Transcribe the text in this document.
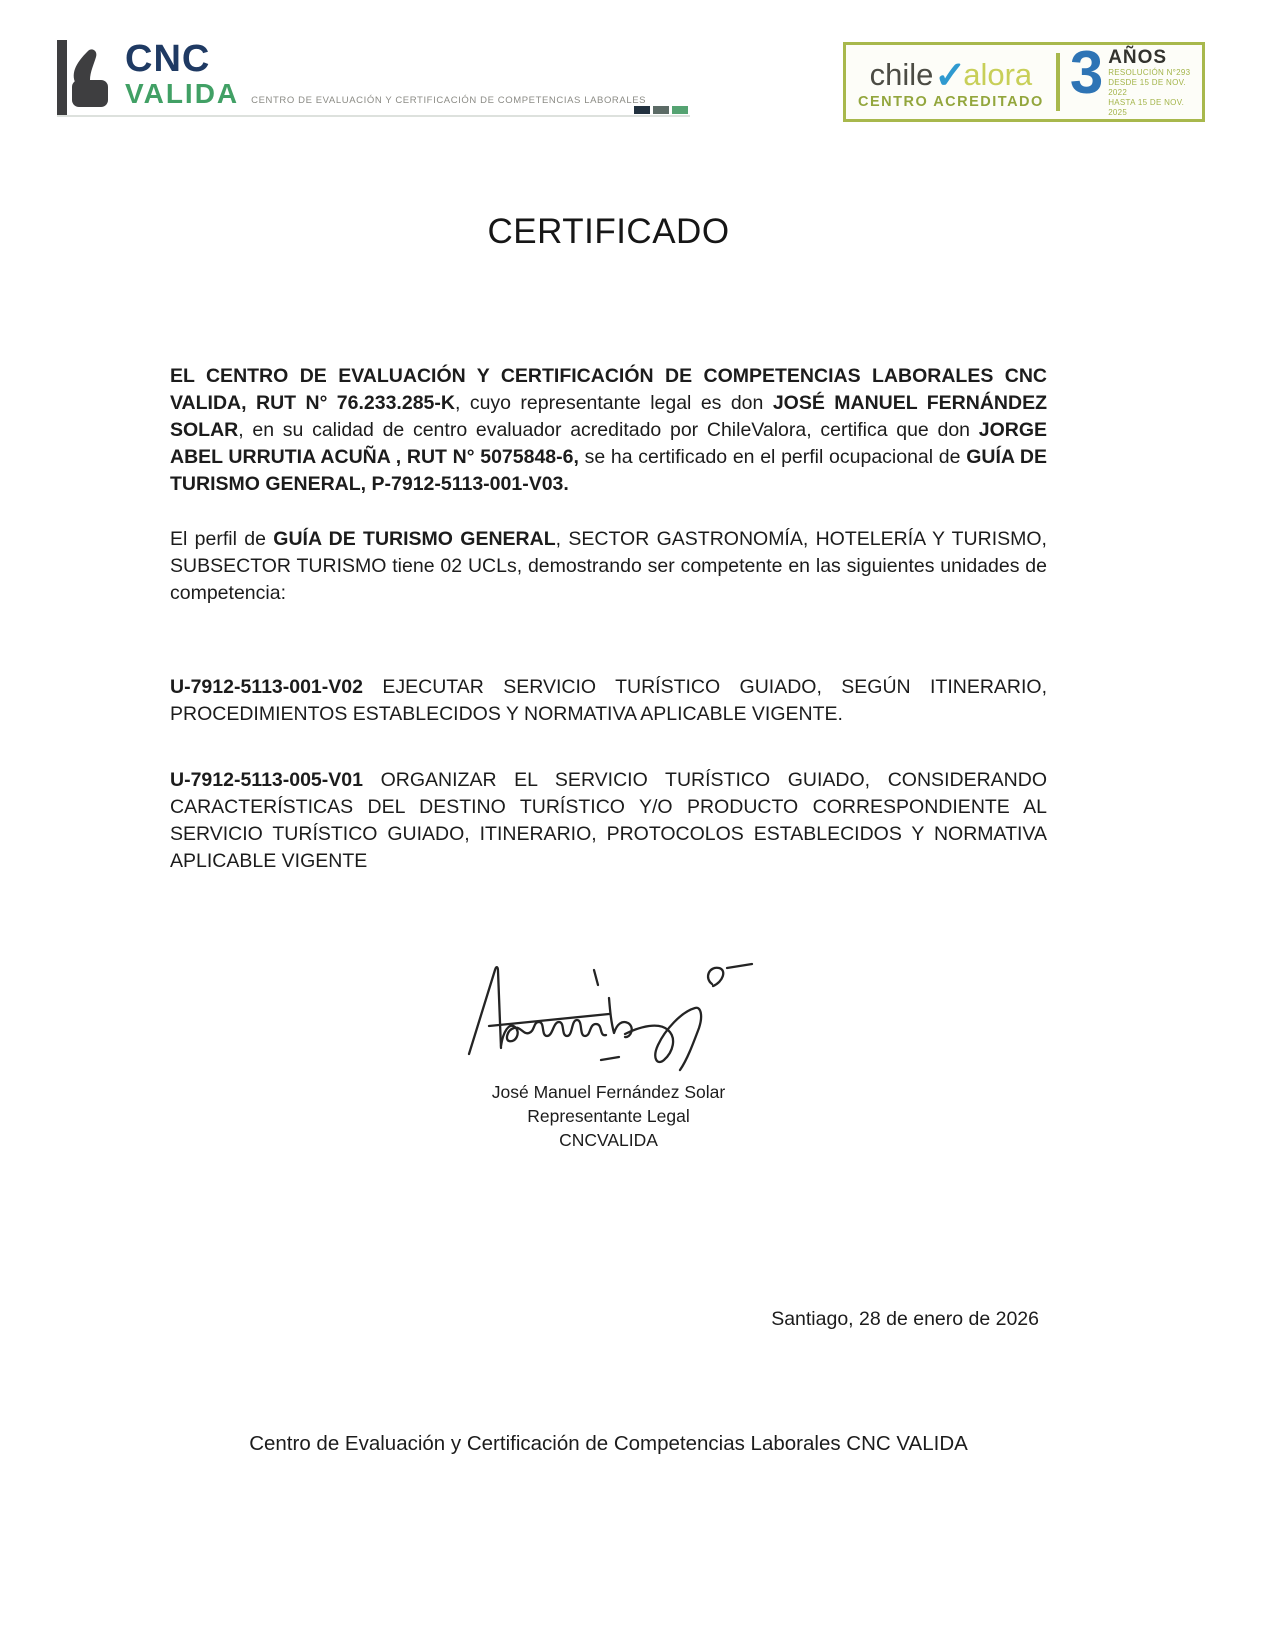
CNC
VALIDA CENTRO DE EVALUACIÓN Y CERTIFICACIÓN DE COMPETENCIAS LABORALES
chile ✓
alora
CENTRO ACREDITADO 3 AÑOS
RESOLUCIÓN N°293
DESDE 15 DE NOV. 2022
HASTA 15 DE NOV. 2025
CERTIFICADO

EL CENTRO DE EVALUACIÓN Y CERTIFICACIÓN DE COMPETENCIAS LABORALES CNC VALIDA, RUT N° 76.233.285-K, cuyo representante legal es don JOSÉ MANUEL FERNÁNDEZ SOLAR, en su calidad de centro evaluador acreditado por ChileValora, certifica que don JORGE ABEL URRUTIA ACUÑA , RUT N° 5075848-6, se ha certificado en el perfil ocupacional de GUÍA DE TURISMO GENERAL, P-7912-5113-001-V03.

El perfil de GUÍA DE TURISMO GENERAL, SECTOR GASTRONOMÍA, HOTELERÍA Y TURISMO, SUBSECTOR TURISMO tiene 02 UCLs, demostrando ser competente en las siguientes unidades de competencia:

U-7912-5113-001-V02 EJECUTAR SERVICIO TURÍSTICO GUIADO, SEGÚN ITINERARIO, PROCEDIMIENTOS ESTABLECIDOS Y NORMATIVA APLICABLE VIGENTE.

U-7912-5113-005-V01 ORGANIZAR EL SERVICIO TURÍSTICO GUIADO, CONSIDERANDO CARACTERÍSTICAS DEL DESTINO TURÍSTICO Y/O PRODUCTO CORRESPONDIENTE AL SERVICIO TURÍSTICO GUIADO, ITINERARIO, PROTOCOLOS ESTABLECIDOS Y NORMATIVA APLICABLE VIGENTE

José Manuel Fernández Solar
Representante Legal
CNCVALIDA
Santiago, 28 de enero de 2026
Centro de Evaluación y Certificación de Competencias Laborales CNC VALIDA
